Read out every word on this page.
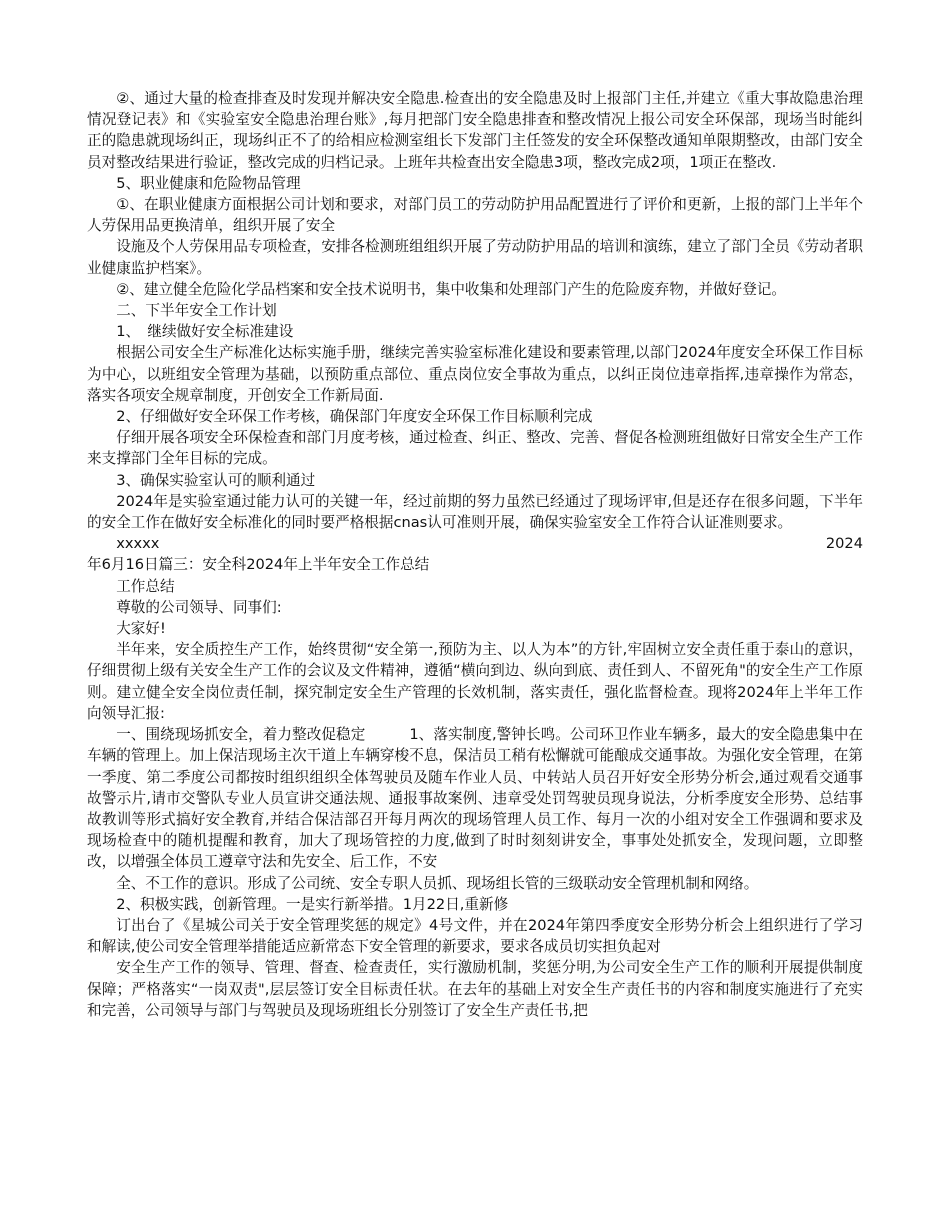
②、通过大量的检查排查及时发现并解决安全隐患.检查出的安全隐患及时上报部门主任,并建立《重大事故隐患治理情况登记表》和《实验室安全隐患治理台账》,每月把部门安全隐患排查和整改情况上报公司安全环保部，现场当时能纠正的隐患就现场纠正，现场纠正不了的给相应检测室组长下发部门主任签发的安全环保整改通知单限期整改，由部门安全员对整改结果进行验证，整改完成的归档记录。上班年共检查出安全隐患3项，整改完成2项，1项正在整改.

5、职业健康和危险物品管理

①、在职业健康方面根据公司计划和要求，对部门员工的劳动防护用品配置进行了评价和更新，上报的部门上半年个人劳保用品更换清单，组织开展了安全

设施及个人劳保用品专项检查，安排各检测班组组织开展了劳动防护用品的培训和演练，建立了部门全员《劳动者职业健康监护档案》。

②、建立健全危险化学品档案和安全技术说明书，集中收集和处理部门产生的危险废弃物，并做好登记。

二、下半年安全工作计划

1、　继续做好安全标准建设

根据公司安全生产标准化达标实施手册，继续完善实验室标准化建设和要素管理,以部门2024年度安全环保工作目标为中心，以班组安全管理为基础，以预防重点部位、重点岗位安全事故为重点，以纠正岗位违章指挥,违章操作为常态，落实各项安全规章制度，开创安全工作新局面.

2、仔细做好安全环保工作考核，确保部门年度安全环保工作目标顺利完成

仔细开展各项安全环保检查和部门月度考核，通过检查、纠正、整改、完善、督促各检测班组做好日常安全生产工作来支撑部门全年目标的完成。

3、确保实验室认可的顺利通过

2024年是实验室通过能力认可的关键一年，经过前期的努力虽然已经通过了现场评审,但是还存在很多问题，下半年的安全工作在做好安全标准化的同时要严格根据cnas认可准则开展，确保实验室安全工作符合认证准则要求。

xxxxx	2024

年6月16日篇三：安全科2024年上半年安全工作总结

工作总结

尊敬的公司领导、同事们:

大家好!

半年来，安全质控生产工作，始终贯彻“安全第一,预防为主、以人为本”的方针,牢固树立安全责任重于泰山的意识，仔细贯彻上级有关安全生产工作的会议及文件精神，遵循“横向到边、纵向到底、责任到人、不留死角"的安全生产工作原则。建立健全安全岗位责任制，探究制定安全生产管理的长效机制，落实责任，强化监督检查。现将2024年上半年工作向领导汇报:

一、围绕现场抓安全，着力整改促稳定　　　1、落实制度,警钟长鸣。公司环卫作业车辆多，最大的安全隐患集中在车辆的管理上。加上保洁现场主次干道上车辆穿梭不息，保洁员工稍有松懈就可能酿成交通事故。为强化安全管理，在第一季度、第二季度公司都按时组织组织全体驾驶员及随车作业人员、中转站人员召开好安全形势分析会,通过观看交通事故警示片,请市交警队专业人员宣讲交通法规、通报事故案例、违章受处罚驾驶员现身说法，分析季度安全形势、总结事故教训等形式搞好安全教育,并结合保洁部召开每月两次的现场管理人员工作、每月一次的小组对安全工作强调和要求及现场检查中的随机提醒和教育，加大了现场管控的力度,做到了时时刻刻讲安全，事事处处抓安全，发现问题，立即整改，以增强全体员工遵章守法和先安全、后工作，不安

全、不工作的意识。形成了公司统、安全专职人员抓、现场组长管的三级联动安全管理机制和网络。

2、积极实践，创新管理。一是实行新举措。1月22日,重新修

订出台了《星城公司关于安全管理奖惩的规定》4号文件，并在2024年第四季度安全形势分析会上组织进行了学习和解读,使公司安全管理举措能适应新常态下安全管理的新要求，要求各成员切实担负起对

安全生产工作的领导、管理、督查、检查责任，实行激励机制，奖惩分明,为公司安全生产工作的顺利开展提供制度保障；严格落实“一岗双责",层层签订安全目标责任状。在去年的基础上对安全生产责任书的内容和制度实施进行了充实和完善，公司领导与部门与驾驶员及现场班组长分别签订了安全生产责任书,把
